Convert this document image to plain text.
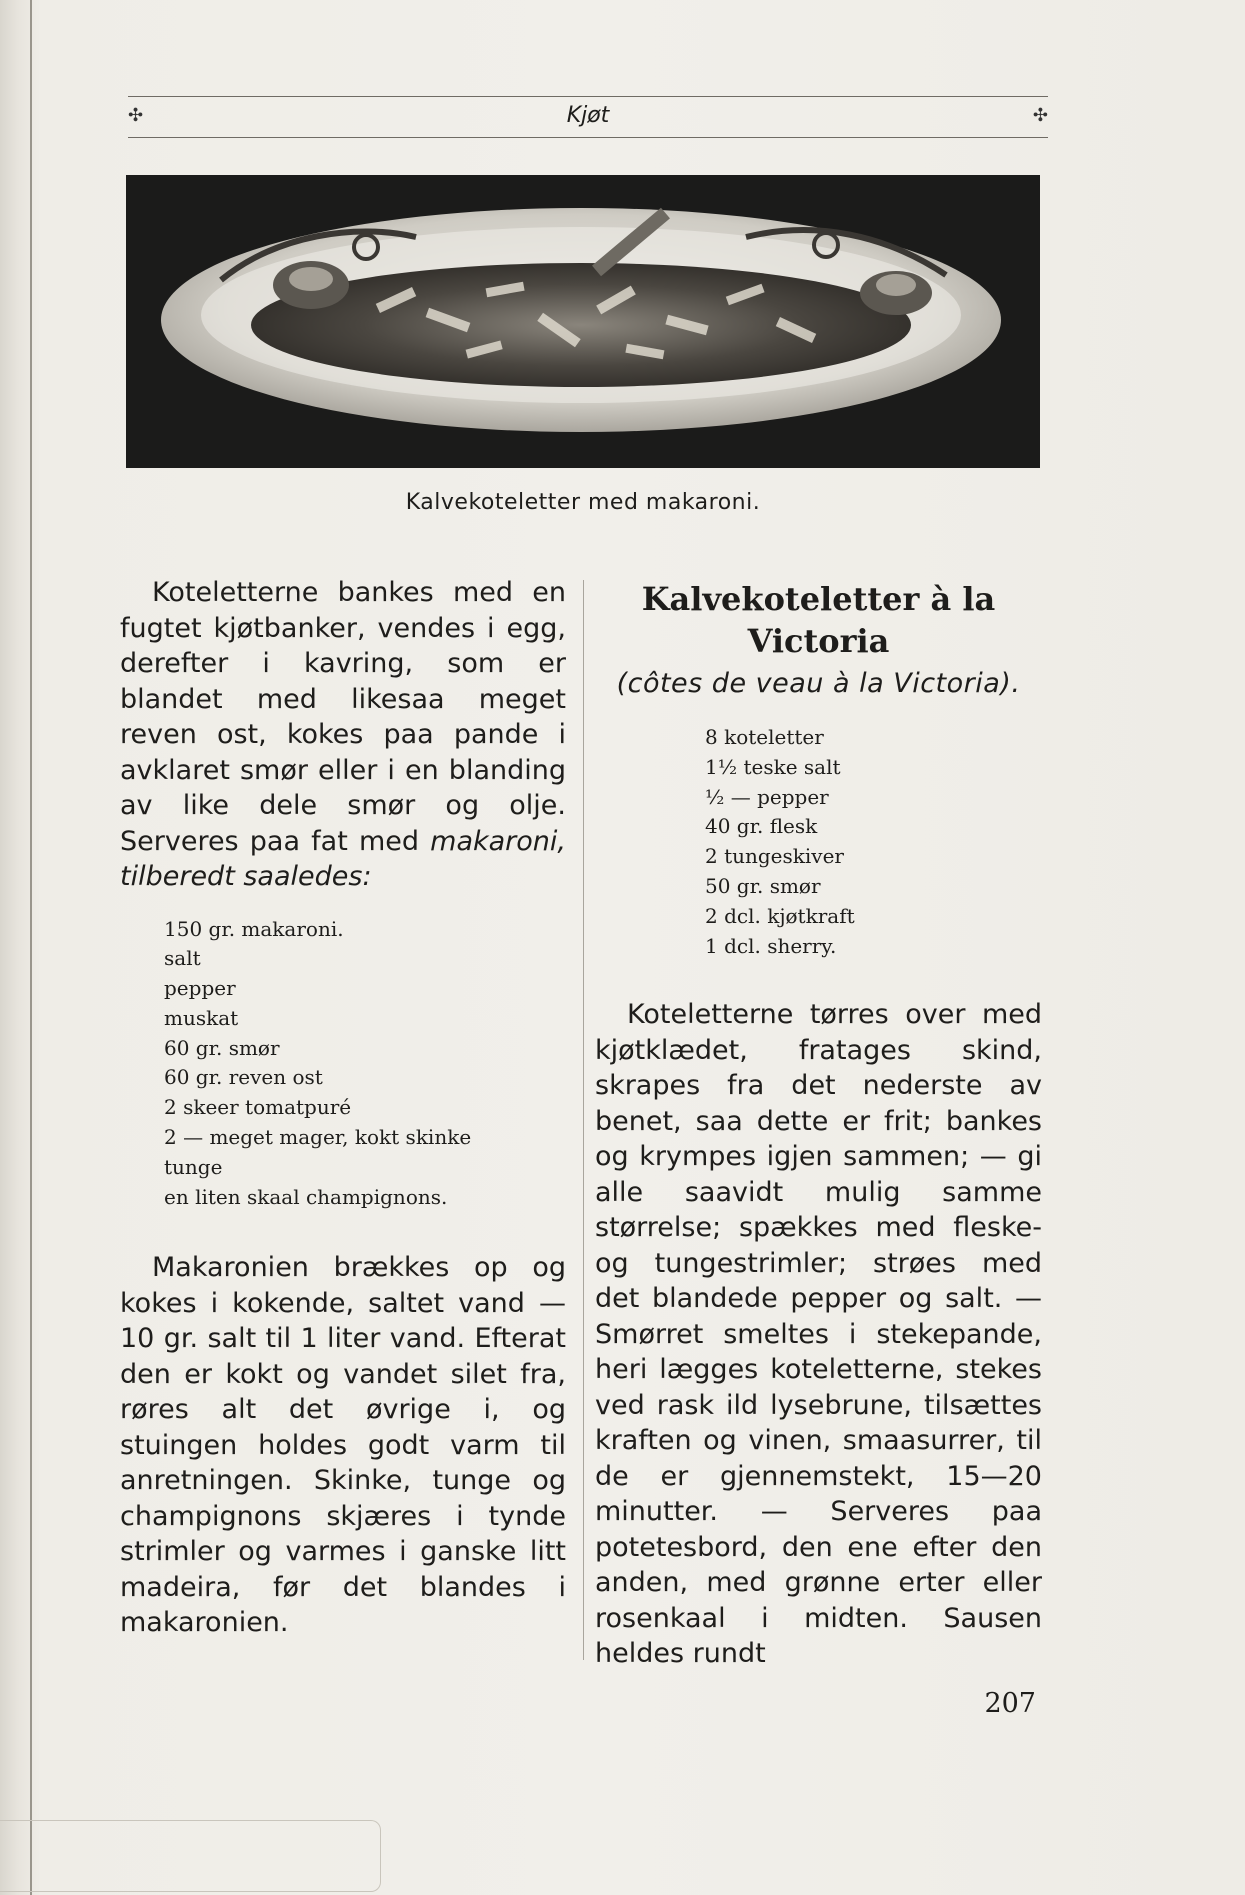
✣	Kjøt	✣
Kalvekoteletter med makaroni.

Koteletterne bankes med en fugtet kjøtbanker, vendes i egg, derefter i kavring, som er blandet med likesaa meget reven ost, kokes paa pande i avklaret smør eller i en blanding av like dele smør og olje. Serveres paa fat med makaroni, tilberedt saaledes:

150 gr. makaroni.
salt
pepper
muskat
60 gr. smør
60 gr. reven ost
2 skeer tomatpuré
2 — meget mager, kokt skinke
tunge
en liten skaal champignons.

Makaronien brækkes op og kokes i kokende, saltet vand — 10 gr. salt til 1 liter vand. Efterat den er kokt og vandet silet fra, røres alt det øvrige i, og stuingen holdes godt varm til anretningen. Skinke, tunge og champignons skjæres i tynde strimler og varmes i ganske litt madeira, før det blandes i makaronien.

Kalvekoteletter à la Victoria

(côtes de veau à la Victoria).

8 koteletter
1½ teske salt
½ — pepper
40 gr. flesk
2 tungeskiver
50 gr. smør
2 dcl. kjøtkraft
1 dcl. sherry.

Koteletterne tørres over med kjøtklædet, fratages skind, skrapes fra det nederste av benet, saa dette er frit; bankes og krympes igjen sammen; — gi alle saavidt mulig samme størrelse; spækkes med fleske- og tungestrimler; strøes med det blandede pepper og salt. — Smørret smeltes i stekepande, heri lægges koteletterne, stekes ved rask ild lysebrune, tilsættes kraften og vinen, smaasurrer, til de er gjennemstekt, 15—20 minutter. — Serveres paa potetesbord, den ene efter den anden, med grønne erter eller rosenkaal i midten. Sausen heldes rundt

207
